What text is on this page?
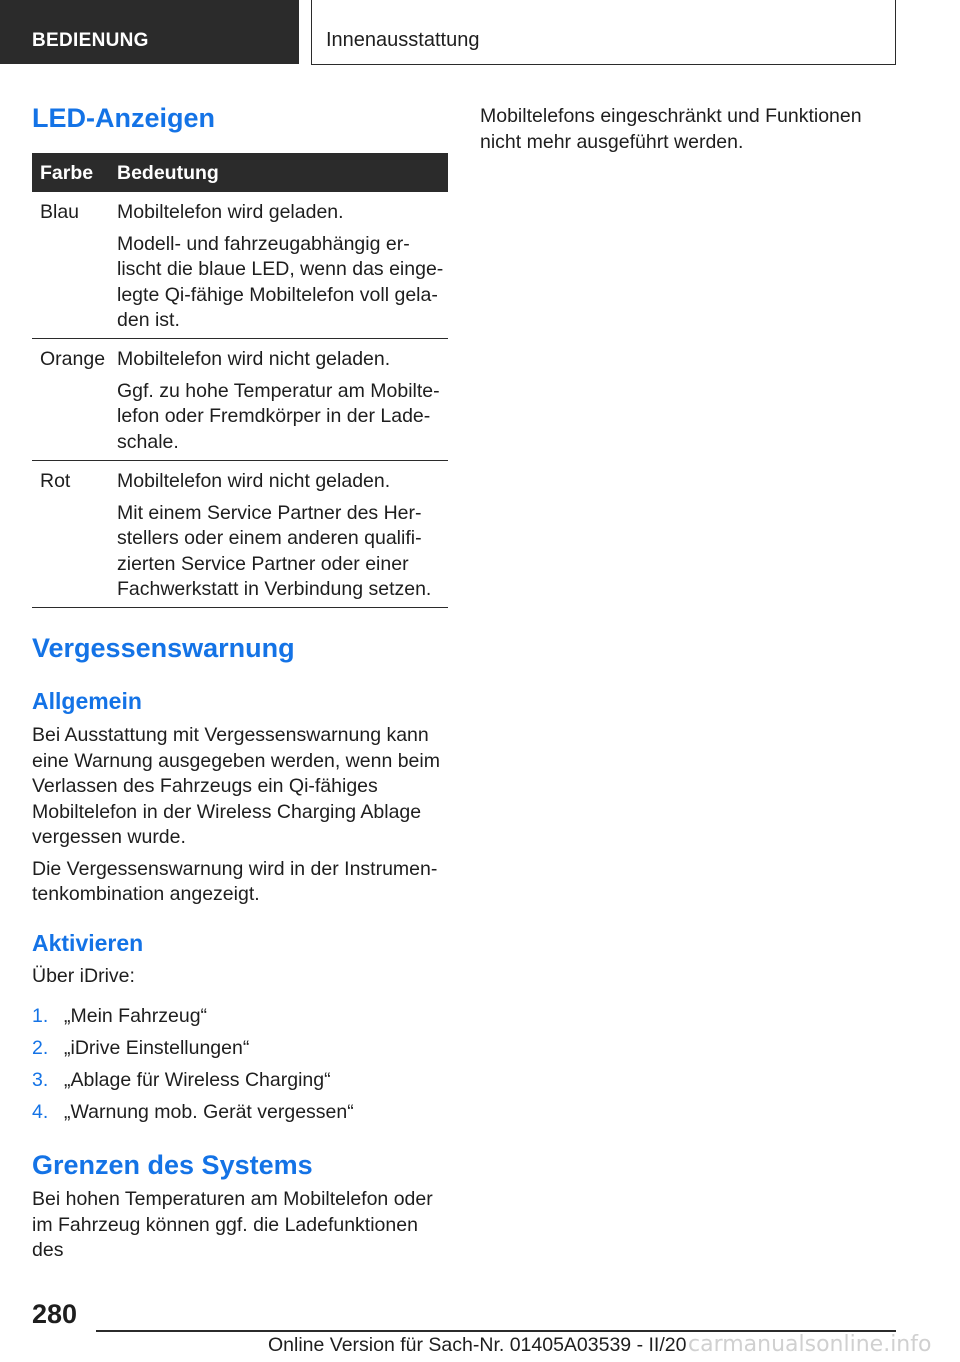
BEDIENUNG	Innenausstattung
LED-Anzeigen
Farbe Bedeutung
Blau Mobiltelefon wird geladen.

Modell- und fahrzeugabhängig erlischt die blaue LED, wenn das eingelegte Qi-fähige Mobiltelefon voll geladen ist.

Orange Mobiltelefon wird nicht geladen.

Ggf. zu hohe Temperatur am Mobiltelefon oder Fremdkörper in der Ladeschale.

Rot Mobiltelefon wird nicht geladen.

Mit einem Service Partner des Herstellers oder einem anderen qualifizierten Service Partner oder einer Fachwerkstatt in Verbindung setzen.

Vergessenswarnung
Allgemein

Bei Ausstattung mit Vergessenswarnung kann eine Warnung ausgegeben werden, wenn beim Verlassen des Fahrzeugs ein Qi-fähiges Mobiltelefon in der Wireless Charging Ablage vergessen wurde.

Die Vergessenswarnung wird in der Instrumentenkombination angezeigt.

Aktivieren

Über iDrive:

1. „Mein Fahrzeug“
2. „iDrive Einstellungen“
3. „Ablage für Wireless Charging“
4. „Warnung mob. Gerät vergessen“
Grenzen des Systems

Bei hohen Temperaturen am Mobiltelefon oder im Fahrzeug können ggf. die Ladefunktionen des

Mobiltelefons eingeschränkt und Funktionen nicht mehr ausgeführt werden.

280
Online Version für Sach-Nr. 01405A03539 - II/20 carmanualsonline.info
